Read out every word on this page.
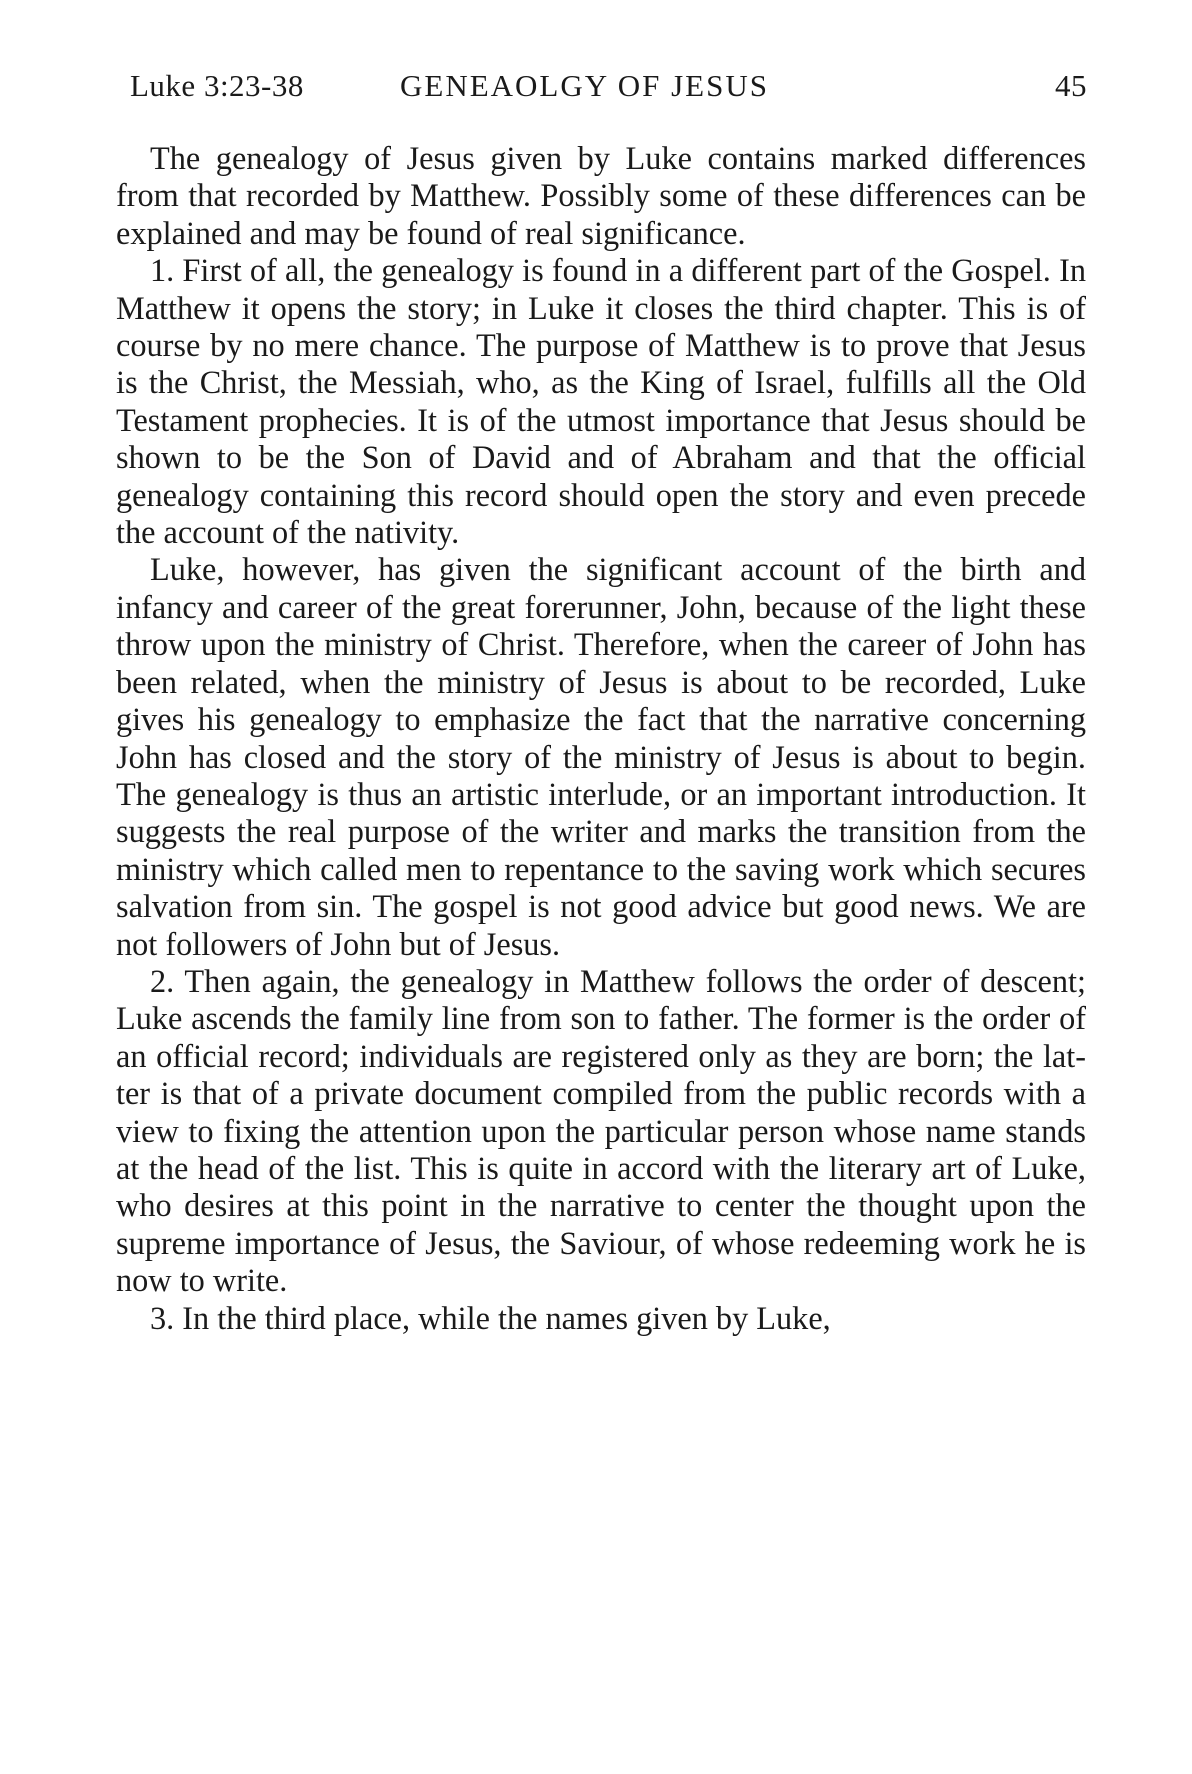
Luke 3:23-38	GENEAOLGY OF JESUS	45

The genealogy of Jesus given by Luke contains marked differences from that recorded by Matthew. Possibly some of these differences can be explained and may be found of real significance.

1. First of all, the genealogy is found in a different part of the Gospel. In Matthew it opens the story; in Luke it closes the third chapter. This is of course by no mere chance. The purpose of Matthew is to prove that Jesus is the Christ, the Messiah, who, as the King of Israel, fulfills all the Old Testament prophecies. It is of the utmost importance that Jesus should be shown to be the Son of David and of Abraham and that the official genealogy containing this record should open the story and even precede the account of the nativity.

Luke, however, has given the significant account of the birth and infancy and career of the great forerunner, John, because of the light these throw upon the ministry of Christ. Therefore, when the career of John has been related, when the ministry of Jesus is about to be recorded, Luke gives his genealogy to emphasize the fact that the narrative concerning John has closed and the story of the ministry of Jesus is about to begin. The genealogy is thus an artistic interlude, or an important introduction. It suggests the real purpose of the writer and marks the transition from the ministry which called men to repentance to the saving work which secures salvation from sin. The gospel is not good advice but good news. We are not followers of John but of Jesus.

2. Then again, the genealogy in Matthew follows the order of descent; Luke ascends the family line from son to father. The former is the order of an official record; individuals are registered only as they are born; the latter is that of a private document compiled from the public records with a view to fixing the attention upon the particular person whose name stands at the head of the list. This is quite in accord with the literary art of Luke, who desires at this point in the narrative to center the thought upon the supreme importance of Jesus, the Saviour, of whose redeeming work he is now to write.

3. In the third place, while the names given by Luke,
